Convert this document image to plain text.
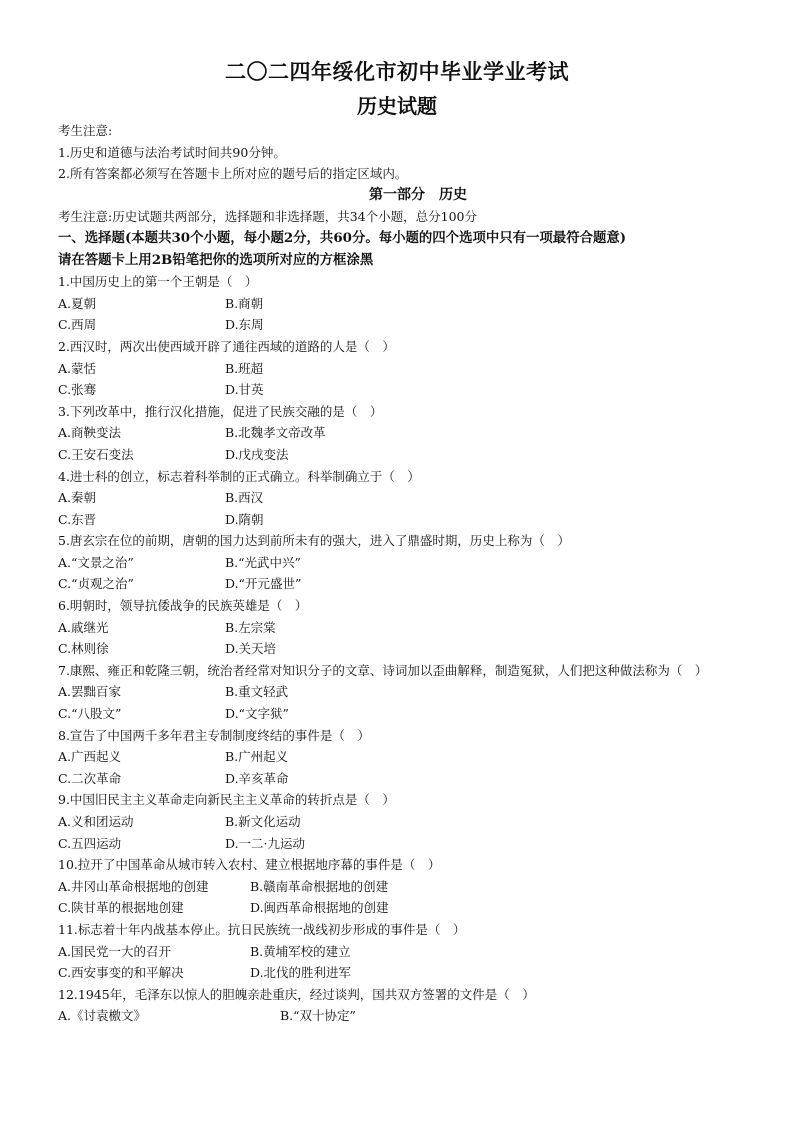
二〇二四年绥化市初中毕业学业考试
历史试题
考生注意:
1.历史和道德与法治考试时间共90分钟。
2.所有答案都必须写在答题卡上所对应的题号后的指定区域内。
第一部分　历史
考生注意:历史试题共两部分，选择题和非选择题，共34个小题，总分100分
一、选择题(本题共30个小题，每小题2分，共60分。每小题的四个选项中只有一项最符合题意)
请在答题卡上用2B铅笔把你的选项所对应的方框涂黑
1.中国历史上的第一个王朝是（　）
A.夏朝	B.商朝
C.西周	D.东周
2.西汉时，两次出使西域开辟了通往西域的道路的人是（　）
A.蒙恬	B.班超
C.张骞	D.甘英
3.下列改革中，推行汉化措施，促进了民族交融的是（　）
A.商鞅变法	B.北魏孝文帝改革
C.王安石变法	D.戊戌变法
4.进士科的创立，标志着科举制的正式确立。科举制确立于（　）
A.秦朝	B.西汉
C.东晋	D.隋朝
5.唐玄宗在位的前期，唐朝的国力达到前所未有的强大，进入了鼎盛时期，历史上称为（　）
A.“文景之治”	B.“光武中兴”
C.“贞观之治”	D.“开元盛世”
6.明朝时，领导抗倭战争的民族英雄是（　）
A.戚继光	B.左宗棠
C.林则徐	D.关天培
7.康熙、雍正和乾隆三朝，统治者经常对知识分子的文章、诗词加以歪曲解释，制造冤狱，人们把这种做法称为（　）
A.罢黜百家	B.重文轻武
C.“八股文”	D.“文字狱”
8.宣告了中国两千多年君主专制制度终结的事件是（　）
A.广西起义	B.广州起义
C.二次革命	D.辛亥革命
9.中国旧民主主义革命走向新民主主义革命的转折点是（　）
A.义和团运动	B.新文化运动
C.五四运动	D.一二·九运动
10.拉开了中国革命从城市转入农村、建立根据地序幕的事件是（　）
A.井冈山革命根据地的创建	B.赣南革命根据地的创建
C.陕甘革的根据地创建	D.闽西革命根据地的创建
11.标志着十年内战基本停止。抗日民族统一战线初步形成的事件是（　）
A.国民党一大的召开	B.黄埔军校的建立
C.西安事变的和平解决	D.北伐的胜利进军
12.1945年，毛泽东以惊人的胆魄亲赴重庆，经过谈判，国共双方签署的文件是（　）
A.《讨袁檄文》	B.“双十协定”
